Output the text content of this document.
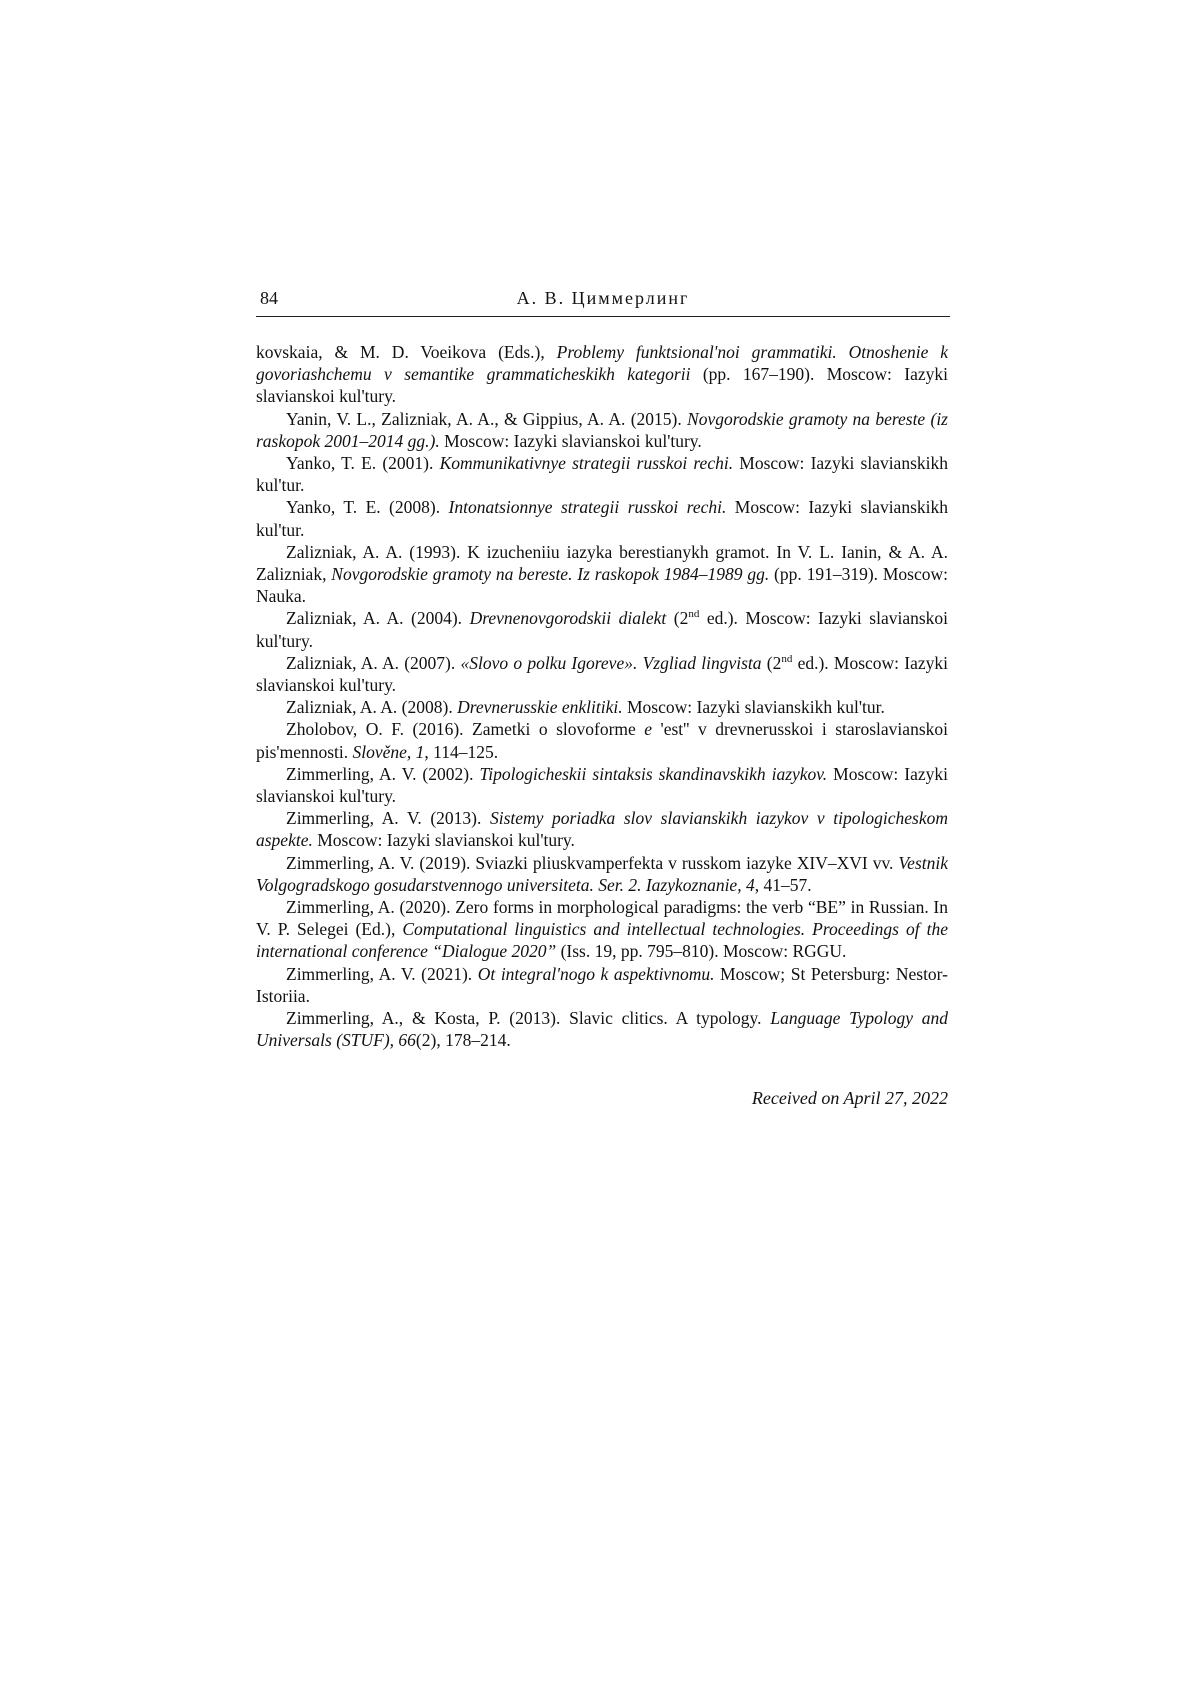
84	А. В. Циммерлинг

kovskaia, & M. D. Voeikova (Eds.), Problemy funktsional'noi grammatiki. Otnoshenie k govoriashchemu v semantike grammaticheskikh kategorii (pp. 167–190). Moscow: Iazyki slavianskoi kul'tury.

Yanin, V. L., Zalizniak, A. A., & Gippius, A. A. (2015). Novgorodskie gramoty na bereste (iz raskopok 2001–2014 gg.). Moscow: Iazyki slavianskoi kul'tury.

Yanko, T. E. (2001). Kommunikativnye strategii russkoi rechi. Moscow: Iazyki slavianskikh kul'tur.

Yanko, T. E. (2008). Intonatsionnye strategii russkoi rechi. Moscow: Iazyki slavianskikh kul'tur.

Zalizniak, A. A. (1993). K izucheniiu iazyka berestianykh gramot. In V. L. Ianin, & A. A. Zalizniak, Novgorodskie gramoty na bereste. Iz raskopok 1984–1989 gg. (pp. 191–319). Moscow: Nauka.

Zalizniak, A. A. (2004). Drevnenovgorodskii dialekt (2nd ed.). Moscow: Iazyki slavianskoi kul'tury.

Zalizniak, A. A. (2007). «Slovo o polku Igoreve». Vzgliad lingvista (2nd ed.). Moscow: Iazyki slavianskoi kul'tury.

Zalizniak, A. A. (2008). Drevnerusskie enklitiki. Moscow: Iazyki slavianskikh kul'tur.

Zholobov, O. F. (2016). Zametki o slovoforme e 'est'' v drevnerusskoi i staroslavianskoi pis'mennosti. Slověne, 1, 114–125.

Zimmerling, A. V. (2002). Tipologicheskii sintaksis skandinavskikh iazykov. Moscow: Iazyki slavianskoi kul'tury.

Zimmerling, A. V. (2013). Sistemy poriadka slov slavianskikh iazykov v tipologicheskom aspekte. Moscow: Iazyki slavianskoi kul'tury.

Zimmerling, A. V. (2019). Sviazki pliuskvamperfekta v russkom iazyke XIV–XVI vv. Vestnik Volgogradskogo gosudarstvennogo universiteta. Ser. 2. Iazykoznanie, 4, 41–57.

Zimmerling, A. (2020). Zero forms in morphological paradigms: the verb “BE” in Russian. In V. P. Selegei (Ed.), Computational linguistics and intellectual technologies. Proceedings of the international conference “Dialogue 2020” (Iss. 19, pp. 795–810). Moscow: RGGU.

Zimmerling, A. V. (2021). Ot integral'nogo k aspektivnomu. Moscow; St Petersburg: Nestor-Istoriia.

Zimmerling, A., & Kosta, P. (2013). Slavic clitics. A typology. Language Typology and Universals (STUF), 66(2), 178–214.

Received on April 27, 2022
